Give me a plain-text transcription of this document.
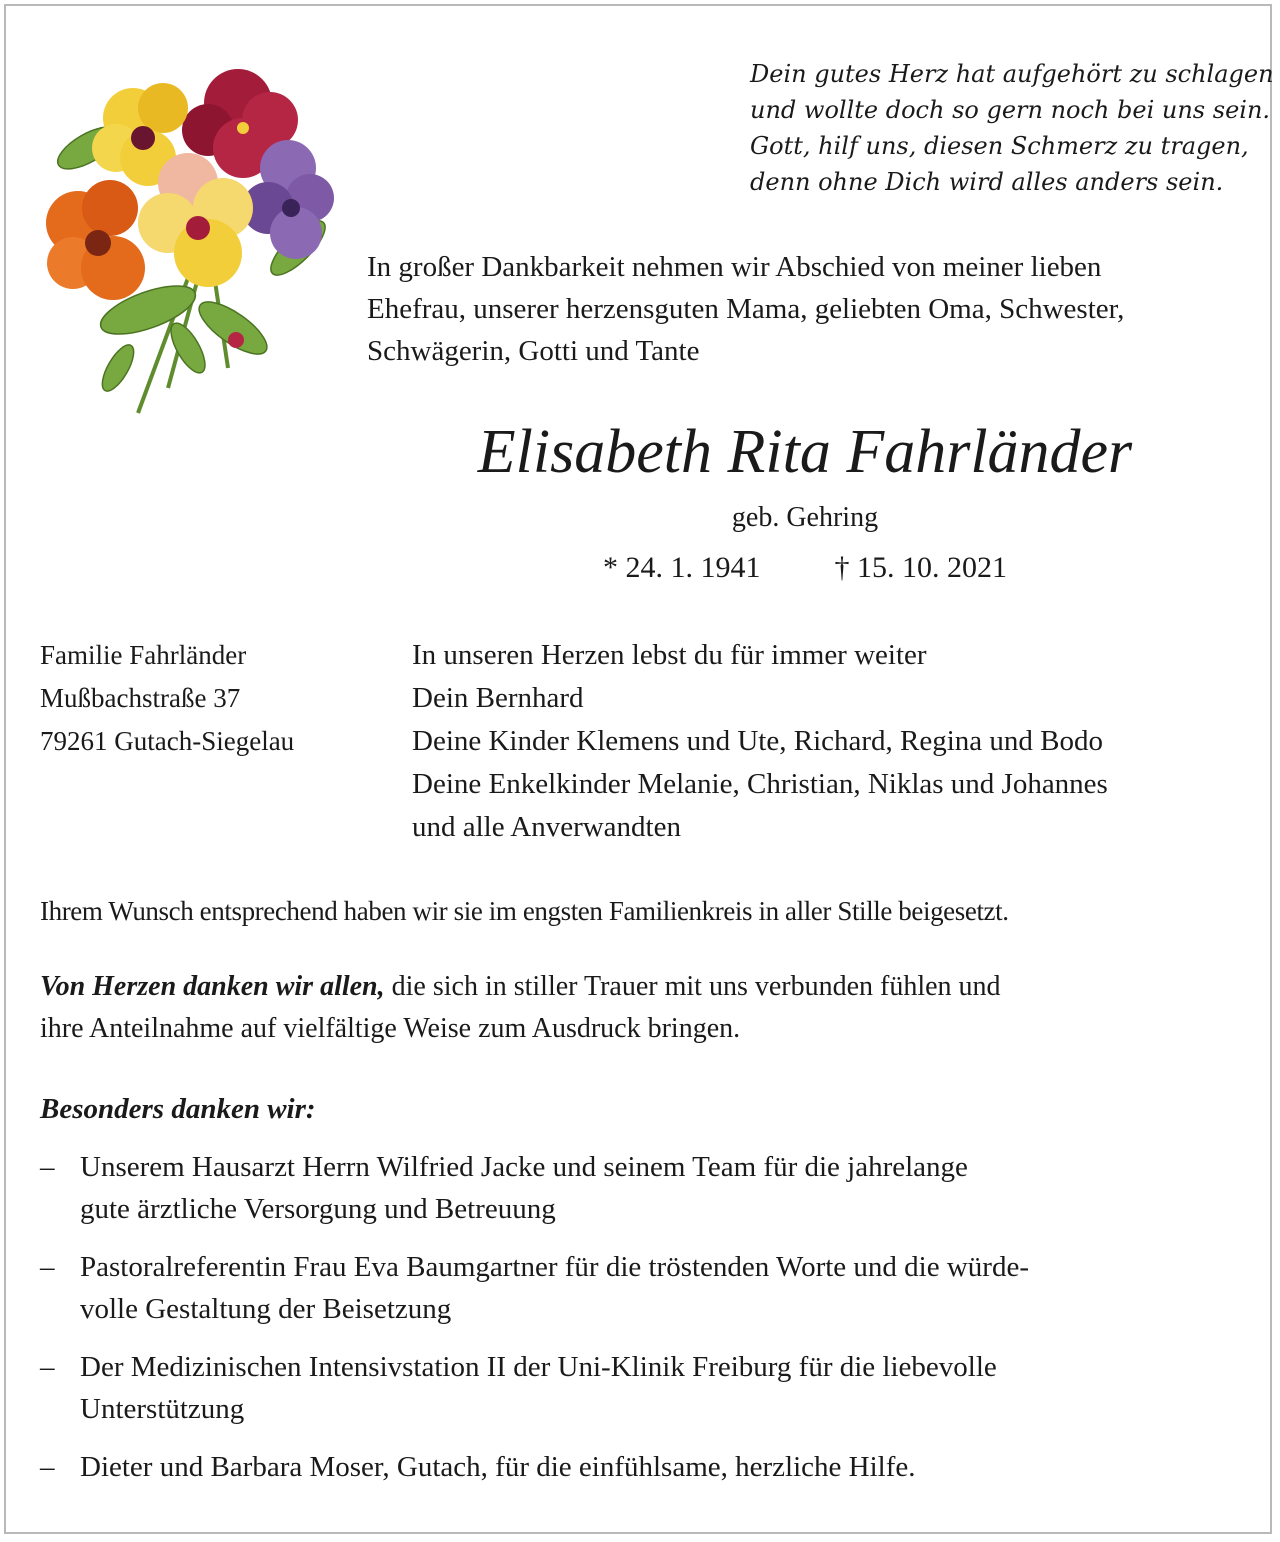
Dein gutes Herz hat aufgehört zu schlagen
und wollte doch so gern noch bei uns sein.
Gott, hilf uns, diesen Schmerz zu tragen,
denn ohne Dich wird alles anders sein.
In großer Dankbarkeit nehmen wir Abschied von meiner lieben
Ehefrau, unserer herzensguten Mama, geliebten Oma, Schwester,
Schwägerin, Gotti und Tante
Elisabeth Rita Fahrländer
geb. Gehring
* 24. 1. 1941 † 15. 10. 2021
Familie Fahrländer
Mußbachstraße 37
79261 Gutach-Siegelau
In unseren Herzen lebst du für immer weiter
Dein Bernhard
Deine Kinder Klemens und Ute, Richard, Regina und Bodo
Deine Enkelkinder Melanie, Christian, Niklas und Johannes
und alle Anverwandten
Ihrem Wunsch entsprechend haben wir sie im engsten Familienkreis in aller Stille beigesetzt.
Von Herzen danken wir allen, die sich in stiller Trauer mit uns verbunden fühlen und
ihre Anteilnahme auf vielfältige Weise zum Ausdruck bringen.
Besonders danken wir:
– Unserem Hausarzt Herrn Wilfried Jacke und seinem Team für die jahrelange
gute ärztliche Versorgung und Betreuung
– Pastoralreferentin Frau Eva Baumgartner für die tröstenden Worte und die würde-
volle Gestaltung der Beisetzung
– Der Medizinischen Intensivstation II der Uni-Klinik Freiburg für die liebevolle
Unterstützung
– Dieter und Barbara Moser, Gutach, für die einfühlsame, herzliche Hilfe.
